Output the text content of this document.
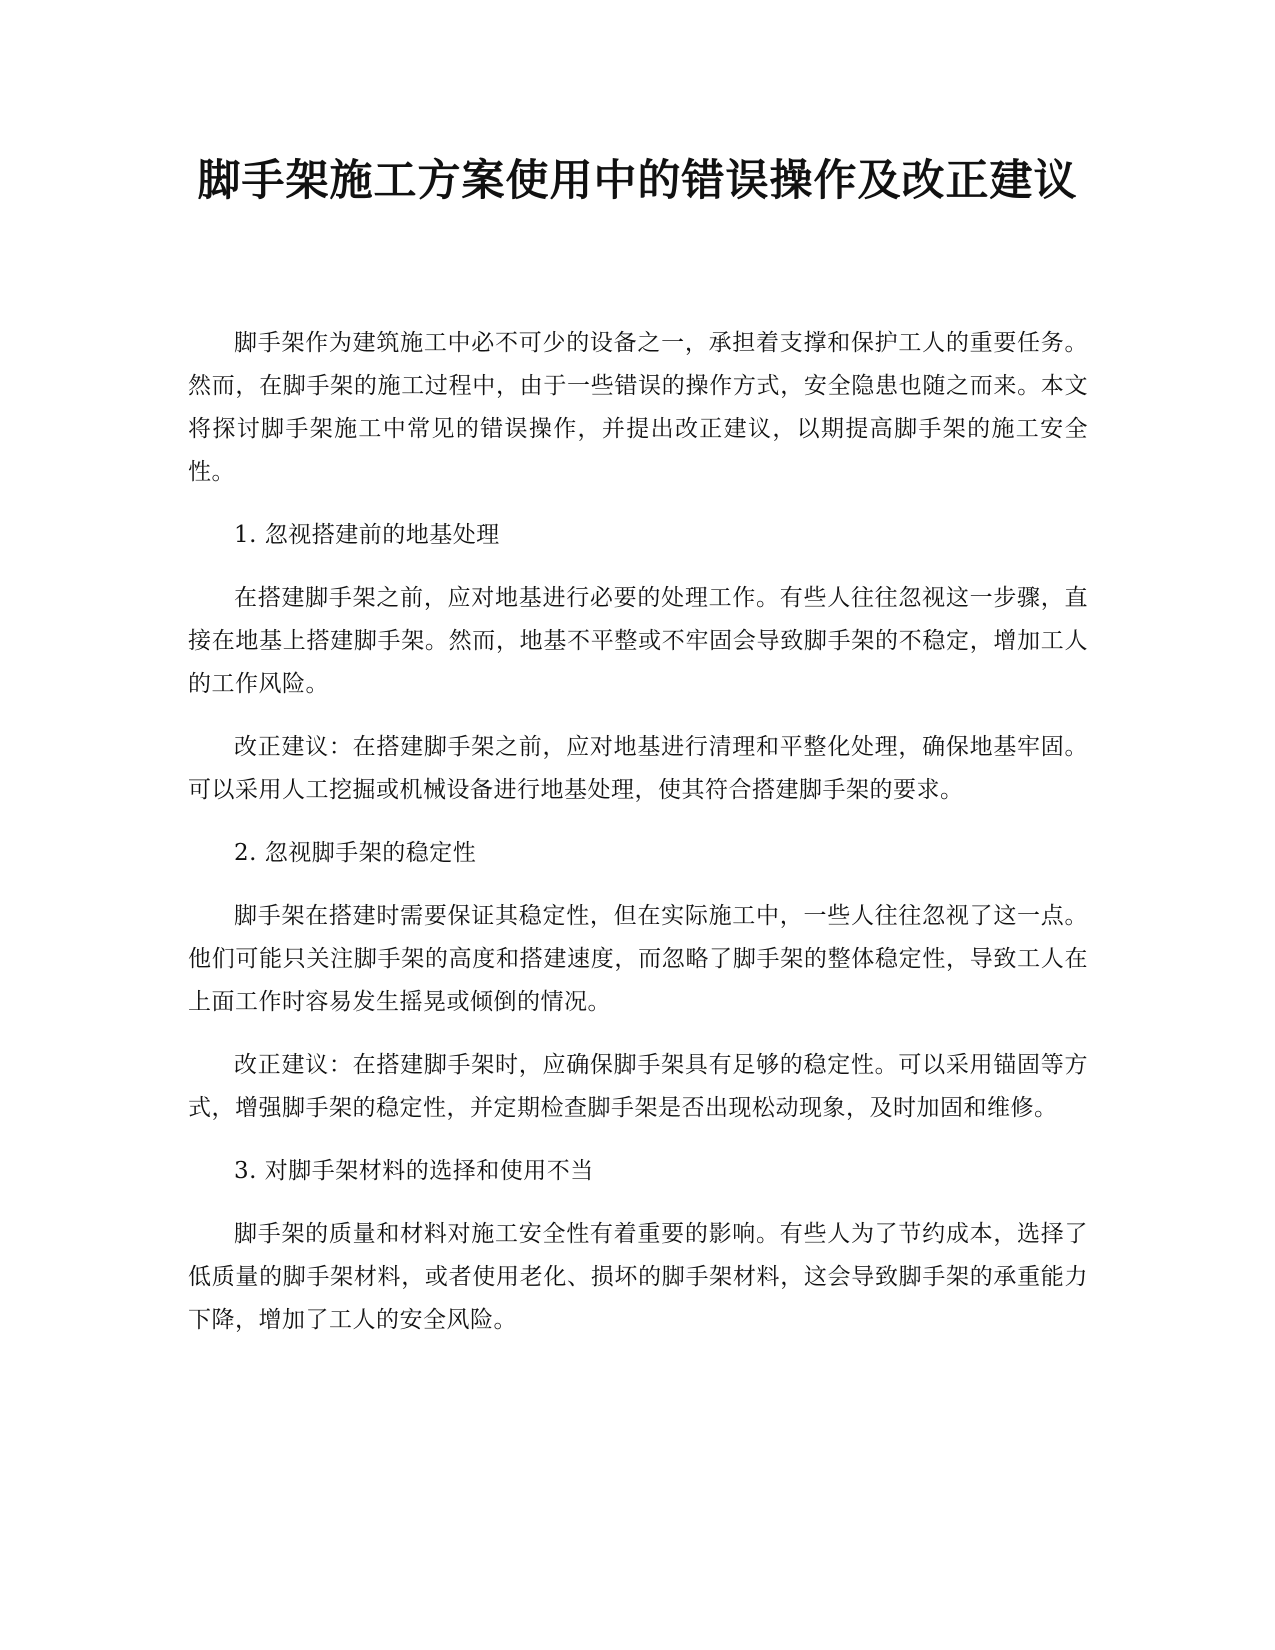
脚手架施工方案使用中的错误操作及改正建议

脚手架作为建筑施工中必不可少的设备之一，承担着支撑和保护工人的重要任务。然而，在脚手架的施工过程中，由于一些错误的操作方式，安全隐患也随之而来。本文将探讨脚手架施工中常见的错误操作，并提出改正建议，以期提高脚手架的施工安全性。

1. 忽视搭建前的地基处理

在搭建脚手架之前，应对地基进行必要的处理工作。有些人往往忽视这一步骤，直接在地基上搭建脚手架。然而，地基不平整或不牢固会导致脚手架的不稳定，增加工人的工作风险。

改正建议：在搭建脚手架之前，应对地基进行清理和平整化处理，确保地基牢固。可以采用人工挖掘或机械设备进行地基处理，使其符合搭建脚手架的要求。

2. 忽视脚手架的稳定性

脚手架在搭建时需要保证其稳定性，但在实际施工中，一些人往往忽视了这一点。他们可能只关注脚手架的高度和搭建速度，而忽略了脚手架的整体稳定性，导致工人在上面工作时容易发生摇晃或倾倒的情况。

改正建议：在搭建脚手架时，应确保脚手架具有足够的稳定性。可以采用锚固等方式，增强脚手架的稳定性，并定期检查脚手架是否出现松动现象，及时加固和维修。

3. 对脚手架材料的选择和使用不当

脚手架的质量和材料对施工安全性有着重要的影响。有些人为了节约成本，选择了低质量的脚手架材料，或者使用老化、损坏的脚手架材料，这会导致脚手架的承重能力下降，增加了工人的安全风险。
